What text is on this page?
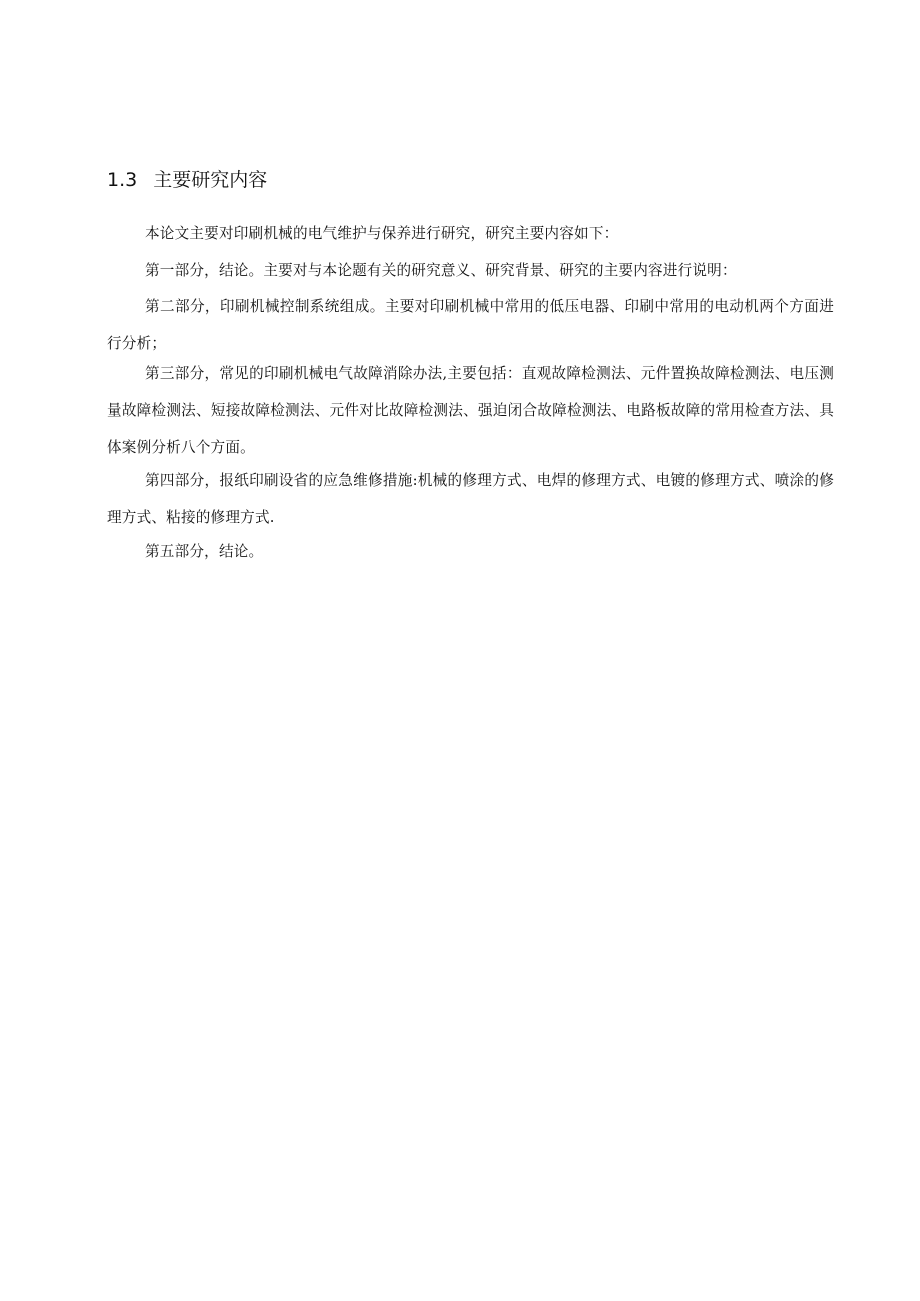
1.3 主要研究内容

本论文主要对印刷机械的电气维护与保养进行研究，研究主要内容如下：

第一部分，结论。主要对与本论题有关的研究意义、研究背景、研究的主要内容进行说明：

第二部分，印刷机械控制系统组成。主要对印刷机械中常用的低压电器、印刷中常用的电动机两个方面进行分析；

第三部分，常见的印刷机械电气故障消除办法,主要包括：直观故障检测法、元件置换故障检测法、电压测量故障检测法、短接故障检测法、元件对比故障检测法、强迫闭合故障检测法、电路板故障的常用检查方法、具体案例分析八个方面。

第四部分，报纸印刷设省的应急维修措施:机械的修理方式、电焊的修理方式、电镀的修理方式、喷涂的修理方式、粘接的修理方式.

第五部分，结论。
